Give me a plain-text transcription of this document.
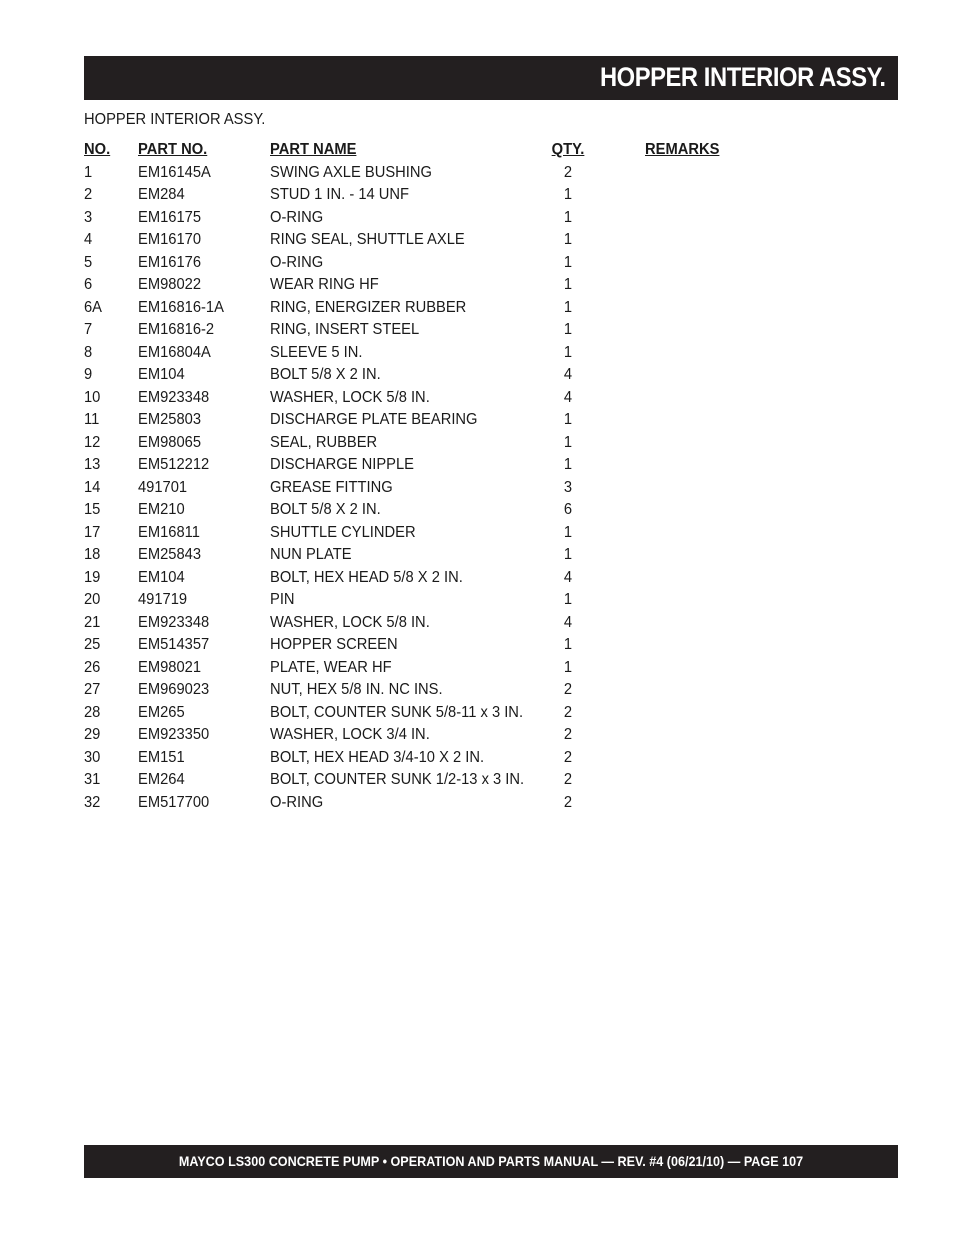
HOPPER INTERIOR ASSY.
HOPPER INTERIOR ASSY.
NO. PART NO.	PART NAME	QTY.	REMARKS
1	EM16145A	SWING AXLE BUSHING	2
2	EM284	STUD 1 IN. - 14 UNF	1
3	EM16175	O-RING	1
4	EM16170	RING SEAL, SHUTTLE AXLE	1
5	EM16176	O-RING	1
6	EM98022	WEAR RING HF	1
6A EM16816-1A	RING, ENERGIZER RUBBER	1
7	EM16816-2	RING, INSERT STEEL	1
8	EM16804A	SLEEVE 5 IN.	1
9	EM104	BOLT 5/8 X 2 IN.	4
10 EM923348	WASHER, LOCK 5/8 IN.	4
11 EM25803	DISCHARGE PLATE BEARING	1
12 EM98065	SEAL, RUBBER	1
13 EM512212	DISCHARGE NIPPLE	1
14 491701	GREASE FITTING	3
15 EM210	BOLT 5/8 X 2 IN.	6
17 EM16811	SHUTTLE CYLINDER	1
18 EM25843	NUN PLATE	1
19 EM104	BOLT, HEX HEAD 5/8 X 2 IN.	4
20 491719	PIN	1
21 EM923348	WASHER, LOCK 5/8 IN.	4
25 EM514357	HOPPER SCREEN	1
26 EM98021	PLATE, WEAR HF	1
27 EM969023	NUT, HEX 5/8 IN. NC INS.	2
28 EM265	BOLT, COUNTER SUNK 5/8-11 x 3 IN.	2
29 EM923350	WASHER, LOCK 3/4 IN.	2
30 EM151	BOLT, HEX HEAD 3/4-10 X 2 IN.	2
31 EM264	BOLT, COUNTER SUNK 1/2-13 x 3 IN.	2
32 EM517700	O-RING	2
MAYCO LS300 CONCRETE PUMP • OPERATION AND PARTS MANUAL — REV. #4 (06/21/10) — PAGE 107
